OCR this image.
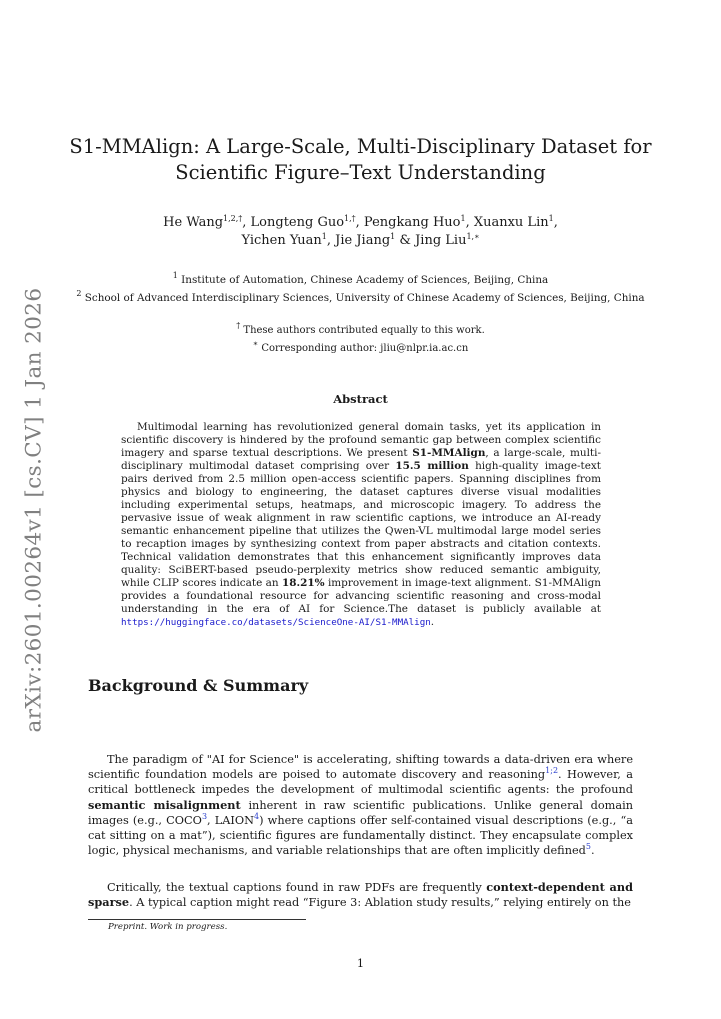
arXiv:2601.00264v1 [cs.CV] 1 Jan 2026
S1-MMAlign: A Large-Scale, Multi-Disciplinary Dataset for
Scientific Figure–Text Understanding
He Wang$^{1,2,\dagger}$, Longteng Guo$^{1,\dagger}$, Pengkang Huo$^1$, Xuanxu Lin$^1$,
Yichen Yuan$^1$, Jie Jiang$^1$ & Jing Liu$^{1,∗}$
$^1$ Institute of Automation, Chinese Academy of Sciences, Beijing, China
$^2$ School of Advanced Interdisciplinary Sciences, University of Chinese Academy of Sciences, Beijing, China
† These authors contributed equally to this work.
∗ Corresponding author: jliu@nlpr.ia.ac.cn
Abstract

Multimodal learning has revolutionized general domain tasks, yet its application in scientific discovery is hindered by the profound semantic gap between complex scientific imagery and sparse textual descriptions. We present S1-MMAlign, a large-scale, multi-disciplinary multimodal dataset comprising over 15.5 million high-quality image-text pairs derived from 2.5 million open-access scientific papers. Spanning disciplines from physics and biology to engineering, the dataset captures diverse visual modalities including experimental setups, heatmaps, and microscopic imagery. To address the pervasive issue of weak alignment in raw scientific captions, we introduce an AI-ready semantic enhancement pipeline that utilizes the Qwen-VL multimodal large model series to recaption images by synthesizing context from paper abstracts and citation contexts. Technical validation demonstrates that this enhancement significantly improves data quality: SciBERT-based pseudo-perplexity metrics show reduced semantic ambiguity, while CLIP scores indicate an 18.21% improvement in image-text alignment. S1-MMAlign provides a foundational resource for advancing scientific reasoning and cross-modal understanding in the era of AI for Science.The dataset is publicly available at https://huggingface.co/datasets/ScienceOne-AI/S1-MMAlign.

Background & Summary

The paradigm of "AI for Science" is accelerating, shifting towards a data-driven era where scientific foundation models are poised to automate discovery and reasoning$^{1;2}$. However, a critical bottleneck impedes the development of multimodal scientific agents: the profound semantic misalignment inherent in raw scientific publications. Unlike general domain images (e.g., COCO$^3$, LAION$^4$) where captions offer self-contained visual descriptions (e.g., “a cat sitting on a mat”), scientific figures are fundamentally distinct. They encapsulate complex logic, physical mechanisms, and variable relationships that are often implicitly defined$^5$.

Critically, the textual captions found in raw PDFs are frequently context-dependent and sparse. A typical caption might read “Figure 3: Ablation study results,” relying entirely on the

Preprint. Work in progress.
1
